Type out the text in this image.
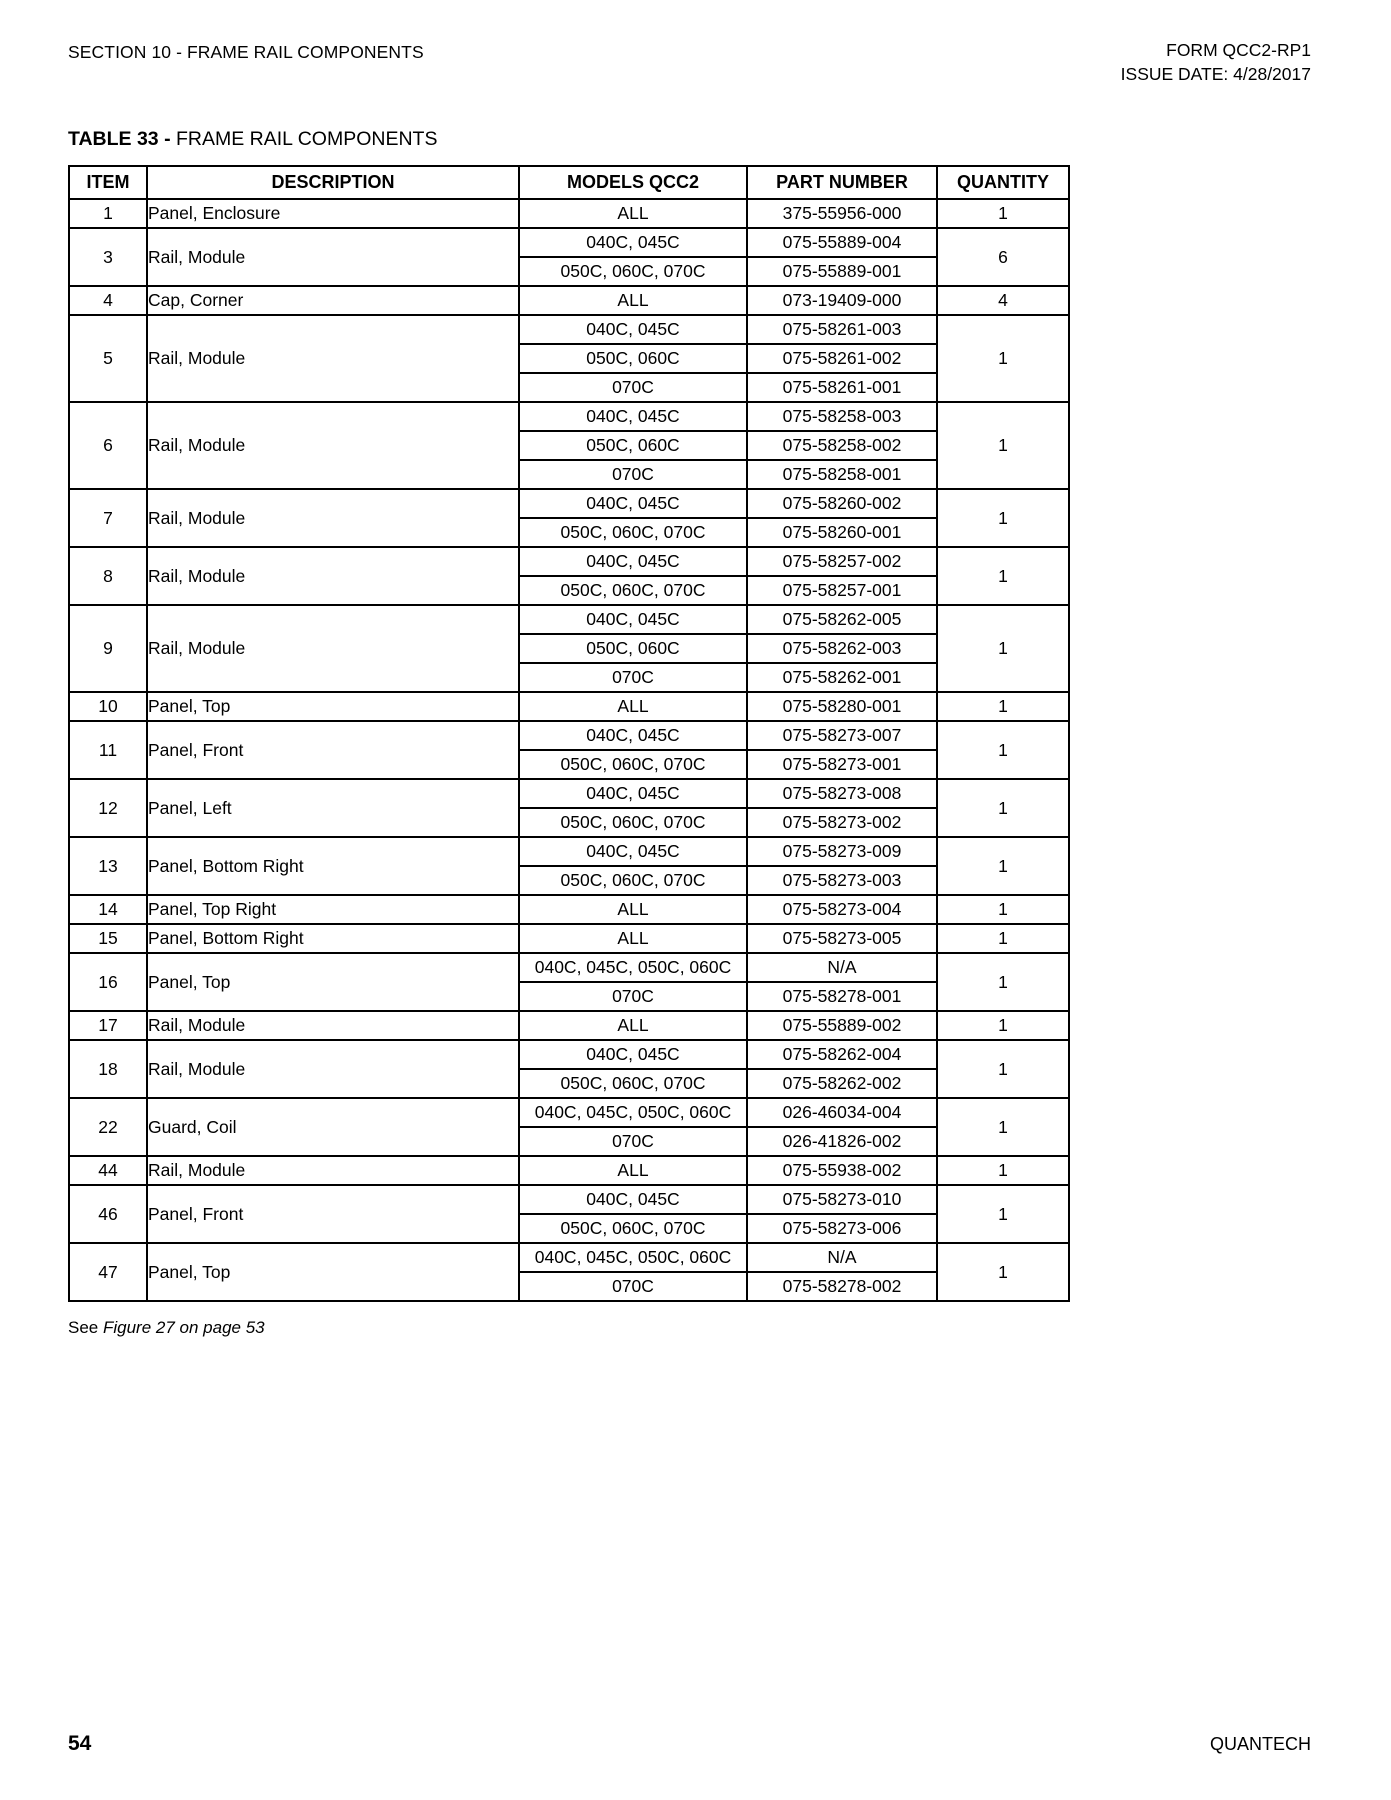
SECTION 10 - FRAME RAIL COMPONENTS	FORM QCC2-RP1
ISSUE DATE: 4/28/2017
TABLE 33 - FRAME RAIL COMPONENTS
ITEM	DESCRIPTION	MODELS QCC2	PART NUMBER	QUANTITY
1	Panel, Enclosure	ALL	375-55956-000	1
3	Rail, Module	040C, 045C	075-55889-004	6
		050C, 060C, 070C	075-55889-001	
4	Cap, Corner	ALL	073-19409-000	4
5	Rail, Module	040C, 045C	075-58261-003	1
		050C, 060C	075-58261-002	
		070C	075-58261-001	
6	Rail, Module	040C, 045C	075-58258-003	1
		050C, 060C	075-58258-002	
		070C	075-58258-001	
7	Rail, Module	040C, 045C	075-58260-002	1
		050C, 060C, 070C	075-58260-001	
8	Rail, Module	040C, 045C	075-58257-002	1
		050C, 060C, 070C	075-58257-001	
9	Rail, Module	040C, 045C	075-58262-005	1
		050C, 060C	075-58262-003	
		070C	075-58262-001	
10	Panel, Top	ALL	075-58280-001	1
11	Panel, Front	040C, 045C	075-58273-007	1
		050C, 060C, 070C	075-58273-001	
12	Panel, Left	040C, 045C	075-58273-008	1
		050C, 060C, 070C	075-58273-002	
13	Panel, Bottom Right	040C, 045C	075-58273-009	1
		050C, 060C, 070C	075-58273-003	
14	Panel, Top Right	ALL	075-58273-004	1
15	Panel, Bottom Right	ALL	075-58273-005	1
16	Panel, Top	040C, 045C, 050C, 060C	N/A	1
		070C	075-58278-001	
17	Rail, Module	ALL	075-55889-002	1
18	Rail, Module	040C, 045C	075-58262-004	1
		050C, 060C, 070C	075-58262-002	
22	Guard, Coil	040C, 045C, 050C, 060C	026-46034-004	1
		070C	026-41826-002	
44	Rail, Module	ALL	075-55938-002	1
46	Panel, Front	040C, 045C	075-58273-010	1
		050C, 060C, 070C	075-58273-006	
47	Panel, Top	040C, 045C, 050C, 060C	N/A	1
		070C	075-58278-002	
See Figure 27 on page 53
54	QUANTECH
